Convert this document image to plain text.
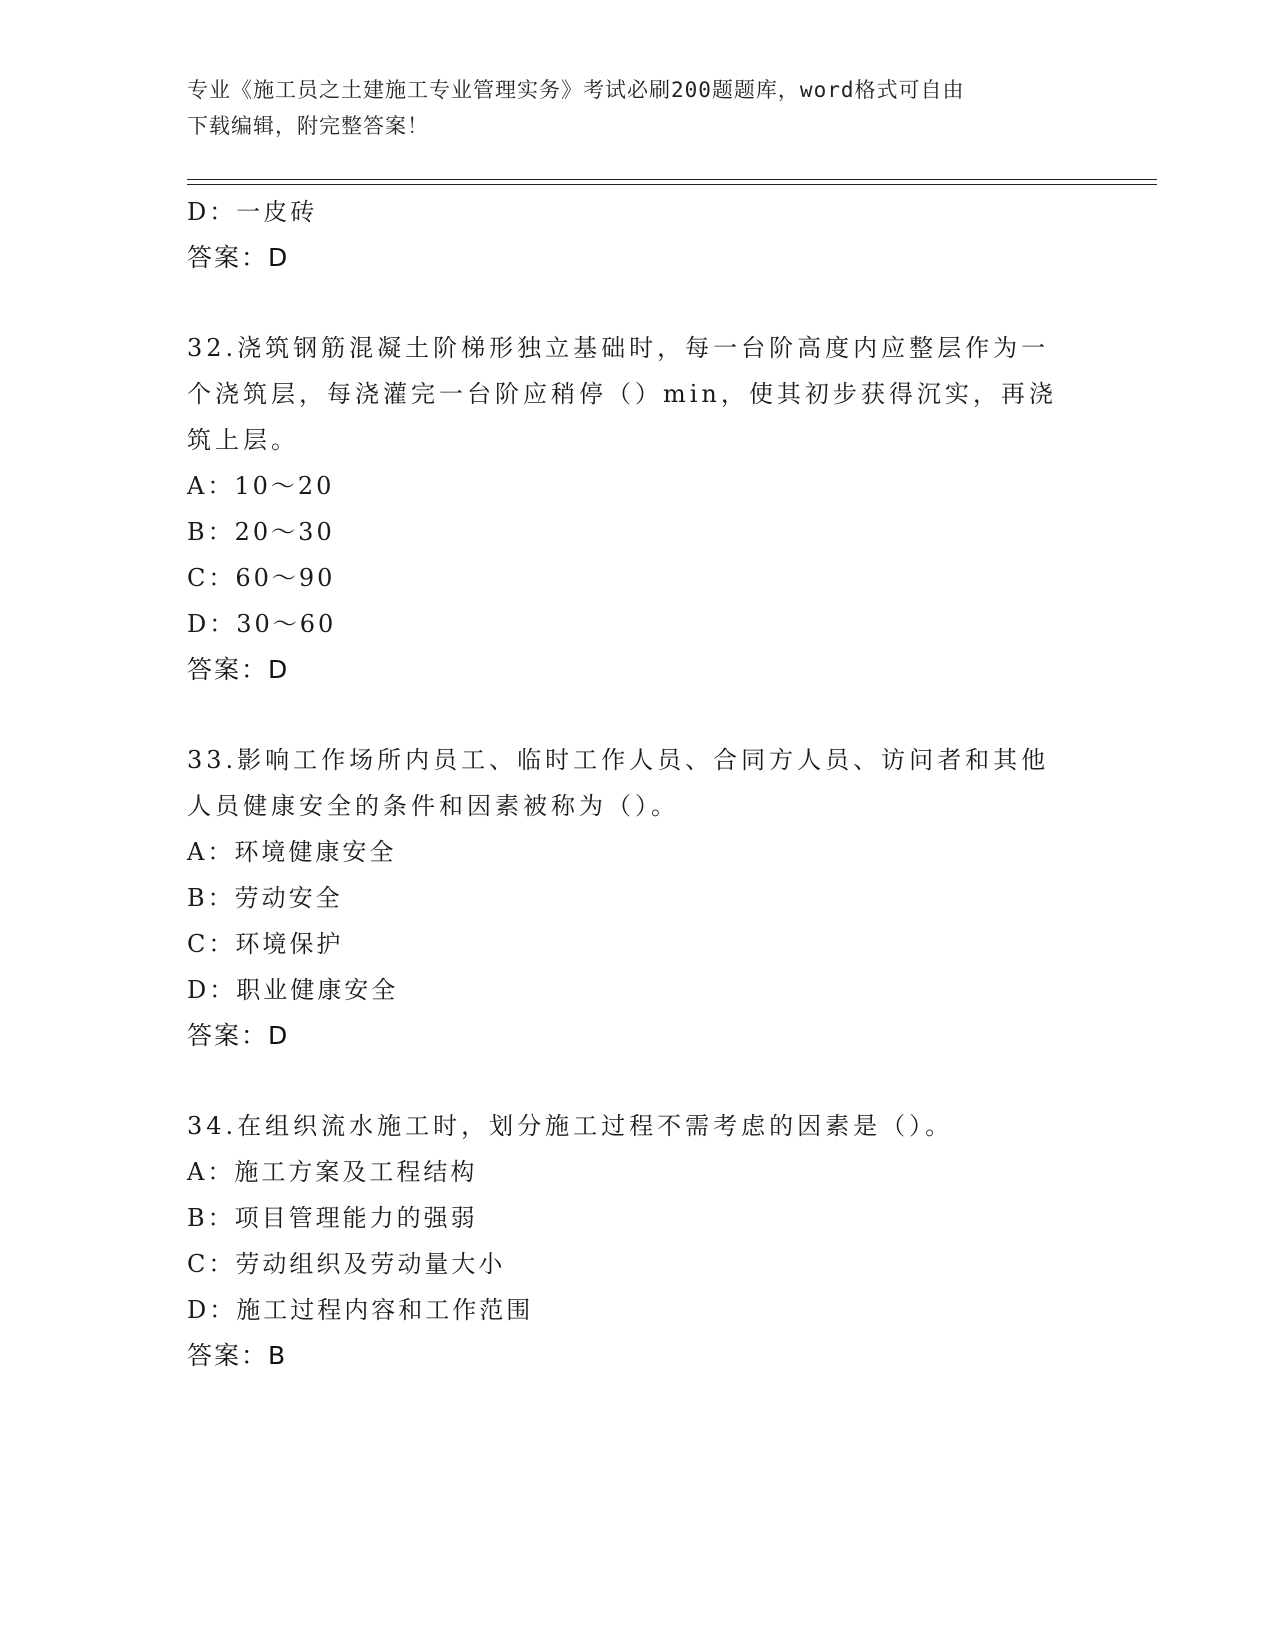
专业《施工员之土建施工专业管理实务》考试必刷200题题库，word格式可自由
下载编辑，附完整答案！
D：一皮砖
答案：D
32.浇筑钢筋混凝土阶梯形独立基础时，每一台阶高度内应整层作为一
个浇筑层，每浇灌完一台阶应稍停（）min，使其初步获得沉实，再浇
筑上层。
A：10～20
B：20～30
C：60～90
D：30～60
答案：D
33.影响工作场所内员工、临时工作人员、合同方人员、访问者和其他
人员健康安全的条件和因素被称为（）。
A：环境健康安全
B：劳动安全
C：环境保护
D：职业健康安全
答案：D
34.在组织流水施工时，划分施工过程不需考虑的因素是（）。
A：施工方案及工程结构
B：项目管理能力的强弱
C：劳动组织及劳动量大小
D：施工过程内容和工作范围
答案：B
